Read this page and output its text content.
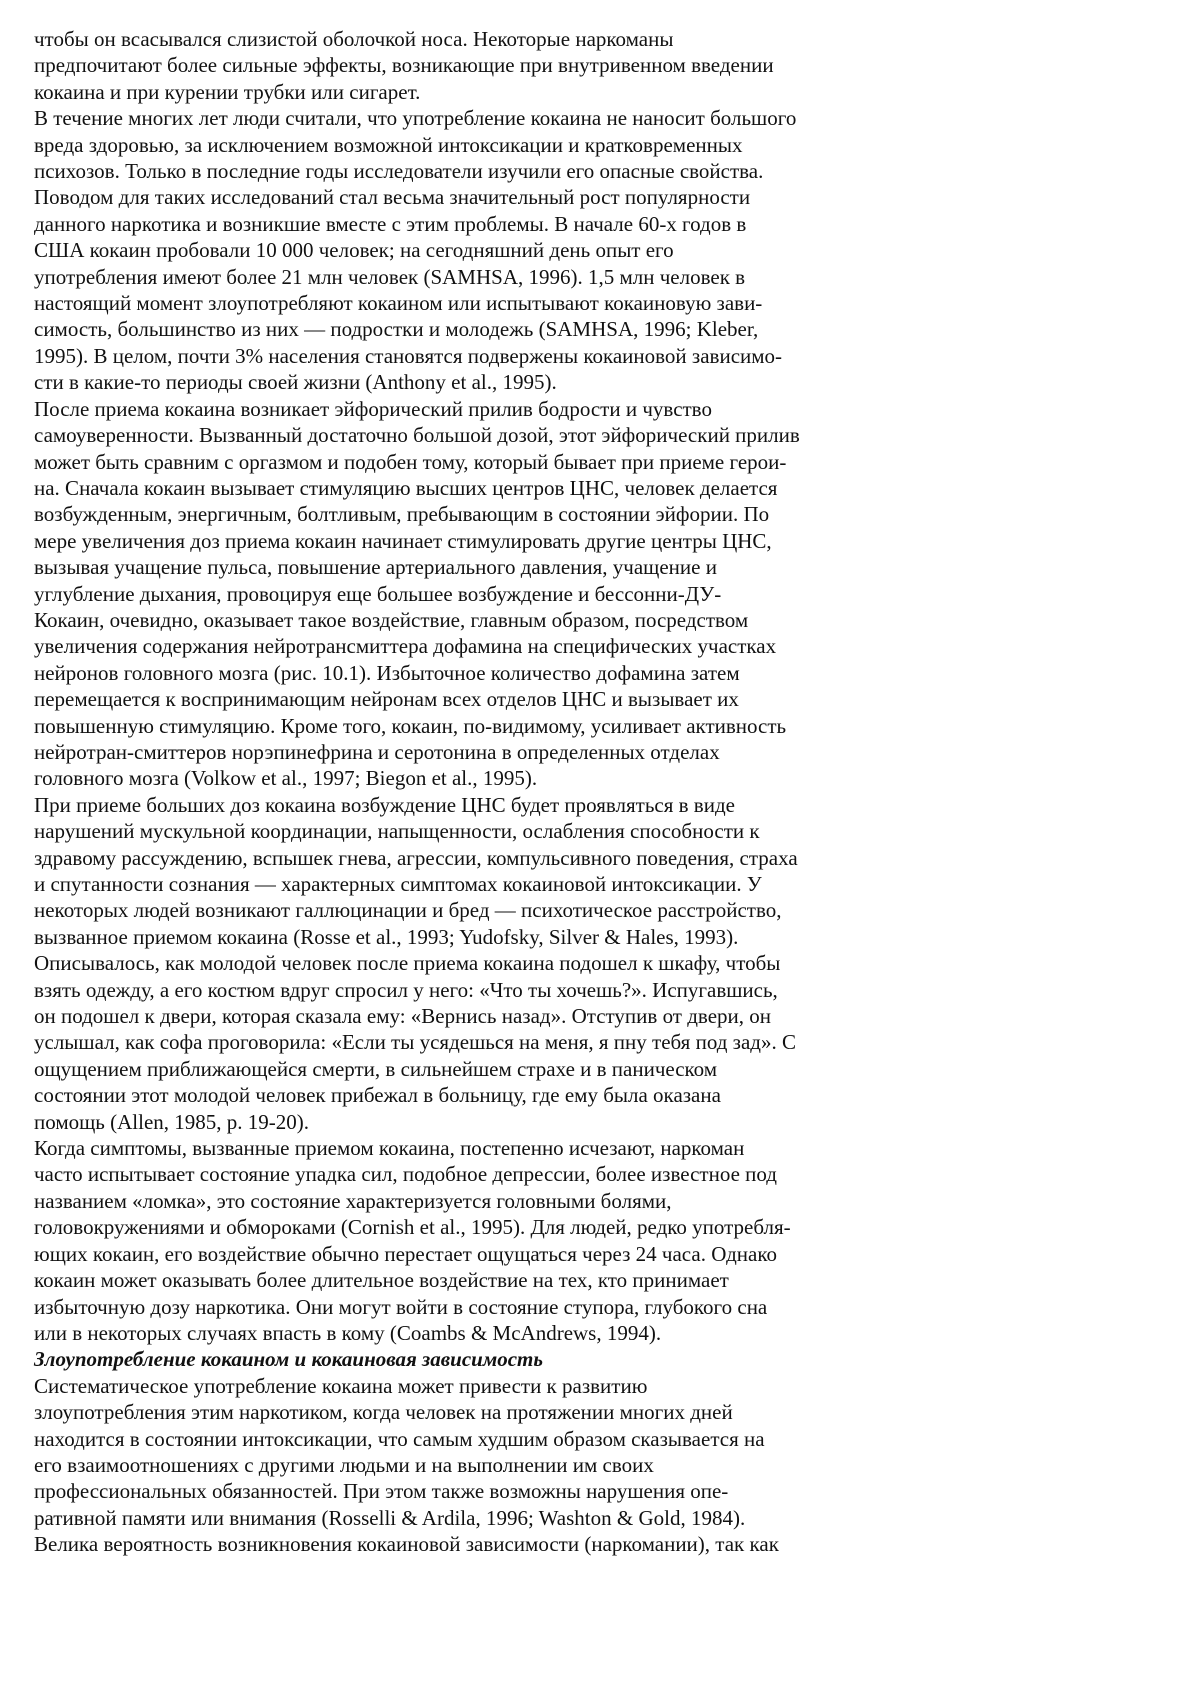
чтобы он всасывался слизистой оболочкой носа. Некоторые наркоманы
предпочитают более сильные эффекты, возникающие при внутривенном введении
кокаина и при курении трубки или сигарет.
В течение многих лет люди считали, что употребление кокаина не наносит большого
вреда здоровью, за исключением возможной интоксикации и кратковременных
психозов. Только в последние годы исследователи изучили его опасные свойства.
Поводом для таких исследований стал весьма значительный рост популярности
данного наркотика и возникшие вместе с этим проблемы. В начале 60-х годов в
США кокаин пробовали 10 000 человек; на сегодняшний день опыт его
употребления имеют более 21 млн человек (SAMHSA, 1996). 1,5 млн человек в
настоящий момент злоупотребляют кокаином или испытывают кокаиновую зави-
симость, большинство из них — подростки и молодежь (SAMHSA, 1996; Kleber,
1995). В целом, почти 3% населения становятся подвержены кокаиновой зависимо-
сти в какие-то периоды своей жизни (Anthony et al., 1995).
После приема кокаина возникает эйфорический прилив бодрости и чувство
самоуверенности. Вызванный достаточно большой дозой, этот эйфорический прилив
может быть сравним с оргазмом и подобен тому, который бывает при приеме герои-
на. Сначала кокаин вызывает стимуляцию высших центров ЦНС, человек делается
возбужденным, энергичным, болтливым, пребывающим в состоянии эйфории. По
мере увеличения доз приема кокаин начинает стимулировать другие центры ЦНС,
вызывая учащение пульса, повышение артериального давления, учащение и
углубление дыхания, провоцируя еще большее возбуждение и бессонни-ДУ-
Кокаин, очевидно, оказывает такое воздействие, главным образом, посредством
увеличения содержания нейротрансмиттера дофамина на специфических участках
нейронов головного мозга (рис. 10.1). Избыточное количество дофамина затем
перемещается к воспринимающим нейронам всех отделов ЦНС и вызывает их
повышенную стимуляцию. Кроме того, кокаин, по-видимому, усиливает активность
нейротран-смиттеров норэпинефрина и серотонина в определенных отделах
головного мозга (Volkow et al., 1997; Biegon et al., 1995).
При приеме больших доз кокаина возбуждение ЦНС будет проявляться в виде
нарушений мускульной координации, напыщенности, ослабления способности к
здравому рассуждению, вспышек гнева, агрессии, компульсивного поведения, страха
и спутанности сознания — характерных симптомах кокаиновой интоксикации. У
некоторых людей возникают галлюцинации и бред — психотическое расстройство,
вызванное приемом кокаина (Rosse et al., 1993; Yudofsky, Silver & Hales, 1993).
Описывалось, как молодой человек после приема кокаина подошел к шкафу, чтобы
взять одежду, а его костюм вдруг спросил у него: «Что ты хочешь?». Испугавшись,
он подошел к двери, которая сказала ему: «Вернись назад». Отступив от двери, он
услышал, как софа проговорила: «Если ты усядешься на меня, я пну тебя под зад». С
ощущением приближающейся смерти, в сильнейшем страхе и в паническом
состоянии этот молодой человек прибежал в больницу, где ему была оказана
помощь (Allen, 1985, p. 19-20).
Когда симптомы, вызванные приемом кокаина, постепенно исчезают, наркоман
часто испытывает состояние упадка сил, подобное депрессии, более известное под
названием «ломка», это состояние характеризуется головными болями,
головокружениями и обмороками (Cornish et al., 1995). Для людей, редко употребля-
ющих кокаин, его воздействие обычно перестает ощущаться через 24 часа. Однако
кокаин может оказывать более длительное воздействие на тех, кто принимает
избыточную дозу наркотика. Они могут войти в состояние ступора, глубокого сна
или в некоторых случаях впасть в кому (Coambs & McAndrews, 1994).
Злоупотребление кокаином и кокаиновая зависимость
Систематическое употребление кокаина может привести к развитию
злоупотребления этим наркотиком, когда человек на протяжении многих дней
находится в состоянии интоксикации, что самым худшим образом сказывается на
его взаимоотношениях с другими людьми и на выполнении им своих
профессиональных обязанностей. При этом также возможны нарушения опе-
ративной памяти или внимания (Rosselli & Ardila, 1996; Washton & Gold, 1984).
Велика вероятность возникновения кокаиновой зависимости (наркомании), так как
